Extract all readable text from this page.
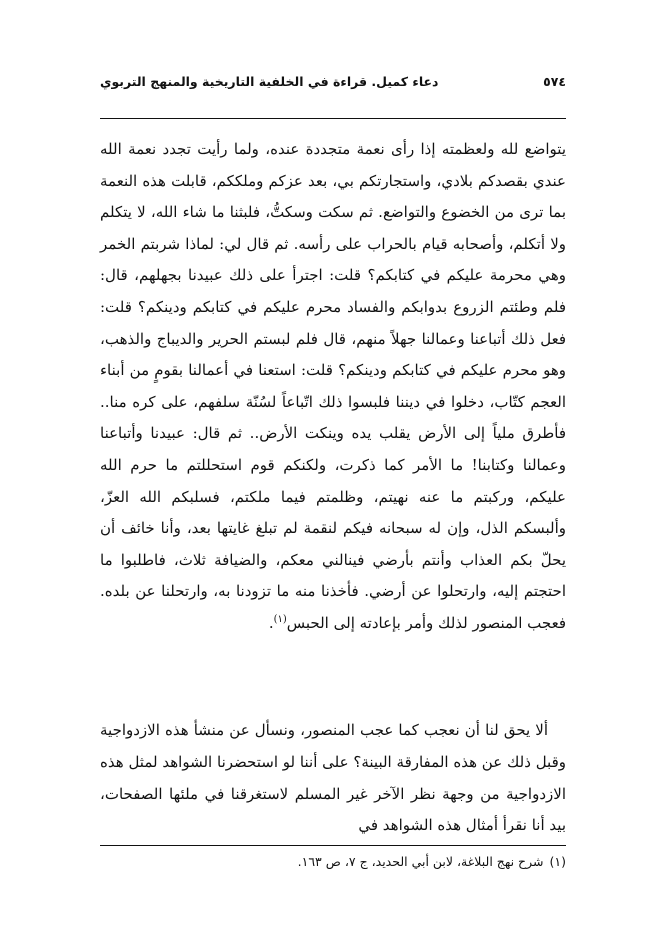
٥٧٤
دعاء كميل. قراءة في الخلفية التاريخية والمنهج التربوي

يتواضع لله ولعظمته إذا رأى نعمة متجددة عنده، ولما رأيت تجدد نعمة الله عندي بقصدكم بلادي، واستجارتكم بي، بعد عزكم وملككم، قابلت هذه النعمة بما ترى من الخضوع والتواضع. ثم سكت وسكتُّ، فلبثنا ما شاء الله، لا يتكلم ولا أتكلم، وأصحابه قيام بالحراب على رأسه. ثم قال لي: لماذا شربتم الخمر وهي محرمة عليكم في كتابكم؟ قلت: اجترأ على ذلك عبيدنا بجهلهم، قال: فلم وطئتم الزروع بدوابكم والفساد محرم عليكم في كتابكم ودينكم؟ قلت: فعل ذلك أتباعنا وعمالنا جهلاً منهم، قال فلم لبستم الحرير والديباج والذهب، وهو محرم عليكم في كتابكم ودينكم؟ قلت: استعنا في أعمالنا بقومٍ من أبناء العجم كتّاب، دخلوا في ديننا فلبسوا ذلك اتّباعاً لسُنّة سلفهم، على كره منا.. فأطرق ملياً إلى الأرض يقلب يده وينكت الأرض.. ثم قال: عبيدنا وأتباعنا وعمالنا وكتابنا! ما الأمر كما ذكرت، ولكنكم قوم استحللتم ما حرم الله عليكم، وركبتم ما عنه نهيتم، وظلمتم فيما ملكتم، فسلبكم الله العزّ، وألبسكم الذل، وإن له سبحانه فيكم لنقمة لم تبلغ غايتها بعد، وأنا خائف أن يحلّ بكم العذاب وأنتم بأرضي فينالني معكم، والضيافة ثلاث، فاطلبوا ما احتجتم إليه، وارتحلوا عن أرضي. فأخذنا منه ما تزودنا به، وارتحلنا عن بلده. فعجب المنصور لذلك وأمر بإعادته إلى الحبس$^{(١)}$.

ألا يحق لنا أن نعجب كما عجب المنصور، ونسأل عن منشأ هذه الازدواجية وقبل ذلك عن هذه المفارقة البينة؟ على أننا لو استحضرنا الشواهد لمثل هذه الازدواجية من وجهة نظر الآخر غير المسلم لاستغرقنا في ملئها الصفحات، بيد أنا نقرأ أمثال هذه الشواهد في

(١)شرح نهج البلاغة، لابن أبي الحديد، ج ٧، ص ١٦٣.
